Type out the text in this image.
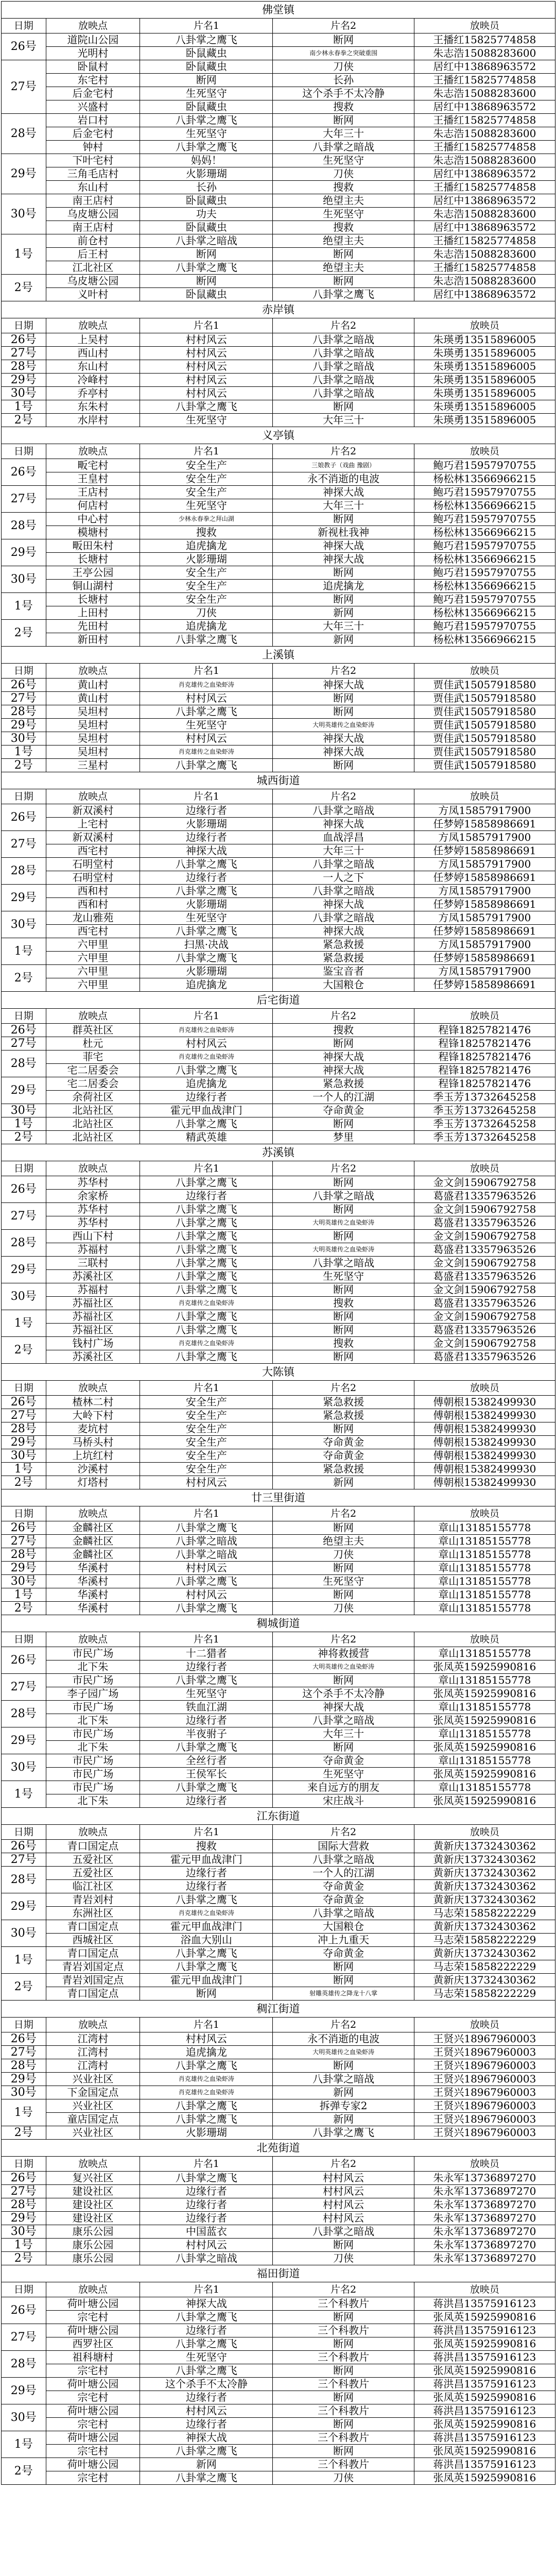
佛堂镇
日期	放映点	片名1	片名2	放映员
26号	道院山公园	八卦掌之鹰飞	断网	王播红15825774858
	光明村	卧鼠藏虫	南少林永春拳之突破重围	朱志浩15088283600
27号	卧鼠村	卧鼠藏虫	刀侠	居红中13868963572
	东宅村	断网	长孙	王播红15825774858
	后金宅村	生死坚守	这个杀手不太冷静	朱志浩15088283600
	兴盛村	卧鼠藏虫	搜救	居红中13868963572
28号	岩口村	八卦掌之鹰飞	断网	王播红15825774858
	后金宅村	生死坚守	大年三十	朱志浩15088283600
	钟村	八卦掌之鹰飞	八卦掌之暗战	王播红15825774858
29号	下叶宅村	妈妈！	生死坚守	朱志浩15088283600
	三角毛店村	火影珊瑚	刀侠	居红中13868963572
	东山村	长孙	搜救	王播红15825774858
30号	南王店村	卧鼠藏虫	绝望主夫	居红中13868963572
	乌皮塘公园	功夫	生死坚守	朱志浩15088283600
	南王店村	卧鼠藏虫	搜救	居红中13868963572
1号	前仓村	八卦掌之暗战	绝望主夫	王播红15825774858
	后王村	断网	断网	朱志浩15088283600
	江北社区	八卦掌之鹰飞	绝望主夫	王播红15825774858
2号	乌皮塘公园	断网	断网	朱志浩15088283600
	义叶村	卧鼠藏虫	八卦掌之鹰飞	居红中13868963572
赤岸镇
日期	放映点	片名1	片名2	放映员
26号	上吴村	村村风云	八卦掌之暗战	朱瑛勇13515896005
27号	西山村	村村风云	八卦掌之暗战	朱瑛勇13515896005
28号	东山村	村村风云	八卦掌之暗战	朱瑛勇13515896005
29号	冷峰村	村村风云	八卦掌之暗战	朱瑛勇13515896005
30号	乔亭村	村村风云	八卦掌之暗战	朱瑛勇13515896005
1号	东朱村	八卦掌之鹰飞	断网	朱瑛勇13515896005
2号	水岸村	生死坚守	大年三十	朱瑛勇13515896005
义亭镇
日期	放映点	片名1	片名2	放映员
26号	畈宅村	安全生产	三娘教子（戏曲 豫剧）	鲍巧君15957970755
	王皇村	安全生产	永不消逝的电波	杨松林13566966215
27号	王店村	安全生产	神探大战	鲍巧君15957970755
	何店村	生死坚守	大年三十	杨松林13566966215
28号	中心村	少林永春拳之拜山湖	断网	鲍巧君15957970755
	模塘村	搜救	新视杜我神	杨松林13566966215
29号	畈田朱村	追虎擒龙	神探大战	鲍巧君15957970755
	长塘村	火影珊瑚	神探大战	杨松林13566966215
30号	王亭公园	安全生产	断网	鲍巧君15957970755
	铜山湖村	安全生产	追虎擒龙	杨松林13566966215
1号	长塘村	安全生产	断网	鲍巧君15957970755
	上田村	刀侠	新网	杨松林13566966215
2号	先田村	追虎擒龙	大年三十	鲍巧君15957970755
	新田村	八卦掌之鹰飞	新网	杨松林13566966215
上溪镇
日期	放映点	片名1	片名2	放映员
26号	黄山村	肖克雄传之血染虾涛	神探大战	贾佳武15057918580
27号	黄山村	村村风云	断网	贾佳武15057918580
28号	吴坦村	八卦掌之鹰飞	断网	贾佳武15057918580
29号	吴坦村	生死坚守	大明英雄传之血染虾涛	贾佳武15057918580
30号	吴坦村	村村风云	神探大战	贾佳武15057918580
1号	吴坦村	肖克雄传之血染虾涛	神探大战	贾佳武15057918580
2号	三星村	八卦掌之鹰飞	断网	贾佳武15057918580
城西街道
日期	放映点	片名1	片名2	放映员
26号	新双溪村	边缘行者	八卦掌之暗战	方凤15857917900
	上宅村	火影珊瑚	神探大战	任梦婷15858986691
27号	新双溪村	边缘行者	血战浮昌	方凤15857917900
	西宅村	神探大战	大年三十	任梦婷15858986691
28号	石明堂村	八卦掌之鹰飞	八卦掌之暗战	方凤15857917900
	石明堂村	边缘行者	一人之下	任梦婷15858986691
29号	西和村	八卦掌之鹰飞	八卦掌之暗战	方凤15857917900
	西和村	火影珊瑚	神探大战	任梦婷15858986691
30号	龙山雅苑	生死坚守	八卦掌之暗战	方凤15857917900
	西宅村	八卦掌之鹰飞	神探大战	任梦婷15858986691
1号	六甲里	扫黑·决战	紧急救援	方凤15857917900
	六甲里	八卦掌之鹰飞	紧急救援	任梦婷15858986691
2号	六甲里	火影珊瑚	鉴宝音者	方凤15857917900
	六甲里	追虎擒龙	大国粮仓	任梦婷15858986691
后宅街道
日期	放映点	片名1	片名2	放映员
26号	群英社区	肖克雄传之血染虾涛	搜救	程锋18257821476
27号	杜元	村村风云	断网	程锋18257821476
28号	菲宅	肖克雄传之血染虾涛	神探大战	程锋18257821476
	宅二居委会	八卦掌之鹰飞	神探大战	程锋18257821476
29号	宅二居委会	追虎擒龙	紧急救援	程锋18257821476
	余荷社区	边缘行者	一个人的江湖	季玉芳13732645258
30号	北站社区	霍元甲血战津门	夺命黄金	季玉芳13732645258
1号	北站社区	八卦掌之鹰飞	断网	季玉芳13732645258
2号	北站社区	精武英雄	梦里	季玉芳13732645258
苏溪镇
日期	放映点	片名1	片名2	放映员
26号	苏华村	八卦掌之鹰飞	断网	金文剑15906792758
	余家桥	边缘行者	八卦掌之暗战	葛盛君13357963526
27号	苏华村	八卦掌之鹰飞	断网	金文剑15906792758
	苏华村	八卦掌之鹰飞	大明英雄传之血染虾涛	葛盛君13357963526
28号	西山下村	八卦掌之鹰飞	断网	金文剑15906792758
	苏福村	八卦掌之鹰飞	大明英雄传之血染虾涛	葛盛君13357963526
29号	三联村	八卦掌之鹰飞	八卦掌之暗战	金文剑15906792758
	苏溪社区	八卦掌之鹰飞	生死坚守	葛盛君13357963526
30号	苏福村	八卦掌之鹰飞	断网	金文剑15906792758
	苏福社区	肖克雄传之血染虾涛	搜救	葛盛君13357963526
1号	苏福社区	八卦掌之鹰飞	断网	金文剑15906792758
	苏福社区	八卦掌之鹰飞	断网	葛盛君13357963526
2号	钱村广场	肖克雄传之血染虾涛	搜救	金文剑15906792758
	苏溪社区	八卦掌之鹰飞	断网	葛盛君13357963526
大陈镇
日期	放映点	片名1	片名2	放映员
26号	楂林二村	安全生产	紧急救援	傅朝根15382499930
27号	大岭下村	安全生产	紧急救援	傅朝根15382499930
28号	麦坑村	安全生产	断网	傅朝根15382499930
29号	马桥头村	安全生产	夺命黄金	傅朝根15382499930
30号	上坑红村	安全生产	夺命黄金	傅朝根15382499930
1号	沙溪村	安全生产	紧急救援	傅朝根15382499930
2号	灯塔村	村村风云	新网	傅朝根15382499930
廿三里街道
日期	放映点	片名1	片名2	放映员
26号	金麟社区	八卦掌之鹰飞	断网	章山13185155778
27号	金麟社区	八卦掌之暗战	绝望主夫	章山13185155778
28号	金麟社区	八卦掌之暗战	刀侠	章山13185155778
29号	华溪村	村村风云	断网	章山13185155778
30号	华溪村	八卦掌之鹰飞	生死坚守	章山13185155778
1号	华溪村	村村风云	断网	章山13185155778
2号	华溪村	八卦掌之鹰飞	刀侠	章山13185155778
稠城街道
日期	放映点	片名1	片名2	放映员
26号	市民广场	十二猎者	神将救援营	章山13185155778
	北下朱	边缘行者	大明英雄传之血染虾涛	张凤英15925990816
27号	市民广场	八卦掌之鹰飞	断网	章山13185155778
	李子园广场	生死坚守	这个杀手不太冷静	张凤英15925990816
28号	市民广场	铁血江湖	神探大战	章山13185155778
	北下朱	边缘行者	八卦掌之暗战	张凤英15925990816
29号	市民广场	半夜驸子	大年三十	章山13185155778
	北下朱	八卦掌之鹰飞	断网	张凤英15925990816
30号	市民广场	全丝行者	夺命黄金	章山13185155778
	市民广场	王侯军长	生死坚守	张凤英15925990816
1号	市民广场	八卦掌之鹰飞	来自远方的朋友	章山13185155778
	北下朱	边缘行者	宋庄战斗	张凤英15925990816
江东街道
日期	放映点	片名1	片名2	放映员
26号	青口国定点	搜救	国际大营救	黄新庆13732430362
27号	五爱社区	霍元甲血战津门	八卦掌之暗战	黄新庆13732430362
28号	五爱社区	边缘行者	一个人的江湖	黄新庆13732430362
	临江社区	边缘行者	夺命黄金	黄新庆13732430362
29号	青岩刘村	八卦掌之鹰飞	夺命黄金	黄新庆13732430362
	东洲社区	肖克雄传之血染虾涛	八卦掌之暗战	马志荣15858222229
30号	青口国定点	霍元甲血战津门	大国粮仓	黄新庆13732430362
	西城社区	浴血大别山	冲上九重天	马志荣15858222229
1号	青口国定点	八卦掌之鹰飞	夺命黄金	黄新庆13732430362
	青岩刘国定点	八卦掌之鹰飞	断网	马志荣15858222229
2号	青岩刘国定点	霍元甲血战津门	断网	黄新庆13732430362
	青口国定点	断网	射雕英雄传之降龙十八掌	马志荣15858222229
稠江街道
日期	放映点	片名1	片名2	放映员
26号	江湾村	村村风云	永不消逝的电波	王贤兴18967960003
27号	江湾村	追虎擒龙	大明英雄传之血染虾涛	王贤兴18967960003
28号	江湾村	八卦掌之鹰飞	断网	王贤兴18967960003
29号	兴业社区	肖克雄传之血染虾涛	八卦掌之暗战	王贤兴18967960003
30号	下金国定点	肖克雄传之血染虾涛	新网	王贤兴18967960003
1号	兴业社区	八卦掌之鹰飞	拆弹专家2	王贤兴18967960003
	童店国定点	八卦掌之鹰飞	新网	王贤兴18967960003
2号	兴业社区	火影珊瑚	八卦掌之鹰飞	王贤兴18967960003
北苑街道
日期	放映点	片名1	片名2	放映员
26号	复兴社区	八卦掌之鹰飞	村村风云	朱永军13736897270
27号	建设社区	边缘行者	村村风云	朱永军13736897270
28号	建设社区	边缘行者	村村风云	朱永军13736897270
29号	建设社区	边缘行者	村村风云	朱永军13736897270
30号	康乐公园	中国蓝衣	八卦掌之暗战	朱永军13736897270
1号	康乐公园	村村风云	断网	朱永军13736897270
2号	康乐公园	八卦掌之暗战	刀侠	朱永军13736897270
福田街道
日期	放映点	片名1	片名2	放映员
26号	荷叶塘公园	神探大战	三个科教片	蒋洪昌13575916123
	宗宅村	八卦掌之鹰飞	断网	张凤英15925990816
27号	荷叶塘公园	边缘行者	三个科教片	蒋洪昌13575916123
	西罗社区	八卦掌之鹰飞	断网	张凤英15925990816
28号	祖科塘村	生死坚守	三个科教片	蒋洪昌13575916123
	宗宅村	八卦掌之鹰飞	断网	张凤英15925990816
29号	荷叶塘公园	这个杀手不太冷静	三个科教片	蒋洪昌13575916123
	宗宅村	边缘行者	断网	张凤英15925990816
30号	荷叶塘公园	村村风云	三个科教片	蒋洪昌13575916123
	宗宅村	边缘行者	断网	张凤英15925990816
1号	荷叶塘公园	神探大战	三个科教片	蒋洪昌13575916123
	宗宅村	八卦掌之鹰飞	断网	张凤英15925990816
2号	荷叶塘公园	新网	三个科教片	蒋洪昌13575916123
	宗宅村	八卦掌之鹰飞	刀侠	张凤英15925990816
